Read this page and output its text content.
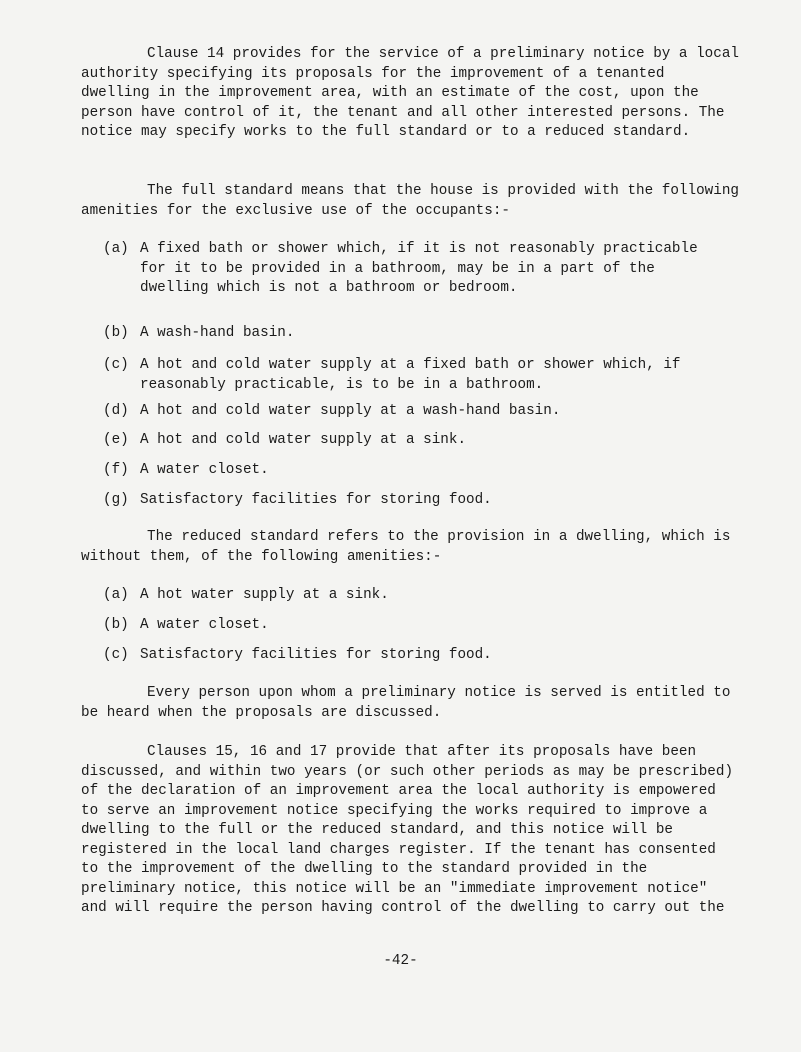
Clause 14 provides for the service of a preliminary notice by a local authority specifying its proposals for the improvement of a tenanted dwelling in the improvement area, with an estimate of the cost, upon the person have control of it, the tenant and all other interested persons. The notice may specify works to the full standard or to a reduced standard.

The full standard means that the house is provided with the following amenities for the exclusive use of the occupants:-

(a) A fixed bath or shower which, if it is not reasonably practicable for it to be provided in a bathroom, may be in a part of the dwelling which is not a bathroom or bedroom.
(b) A wash-hand basin.
(c) A hot and cold water supply at a fixed bath or shower which, if reasonably practicable, is to be in a bathroom.
(d) A hot and cold water supply at a wash-hand basin.
(e) A hot and cold water supply at a sink.
(f) A water closet.
(g) Satisfactory facilities for storing food.

The reduced standard refers to the provision in a dwelling, which is without them, of the following amenities:-

(a) A hot water supply at a sink.
(b) A water closet.
(c) Satisfactory facilities for storing food.

Every person upon whom a preliminary notice is served is entitled to be heard when the proposals are discussed.

Clauses 15, 16 and 17 provide that after its proposals have been discussed, and within two years (or such other periods as may be prescribed) of the declaration of an improvement area the local authority is empowered to serve an improvement notice specifying the works required to improve a dwelling to the full or the reduced standard, and this notice will be registered in the local land charges register. If the tenant has consented to the improvement of the dwelling to the standard provided in the preliminary notice, this notice will be an "immediate improvement notice" and will require the person having control of the dwelling to carry out the

-42-
